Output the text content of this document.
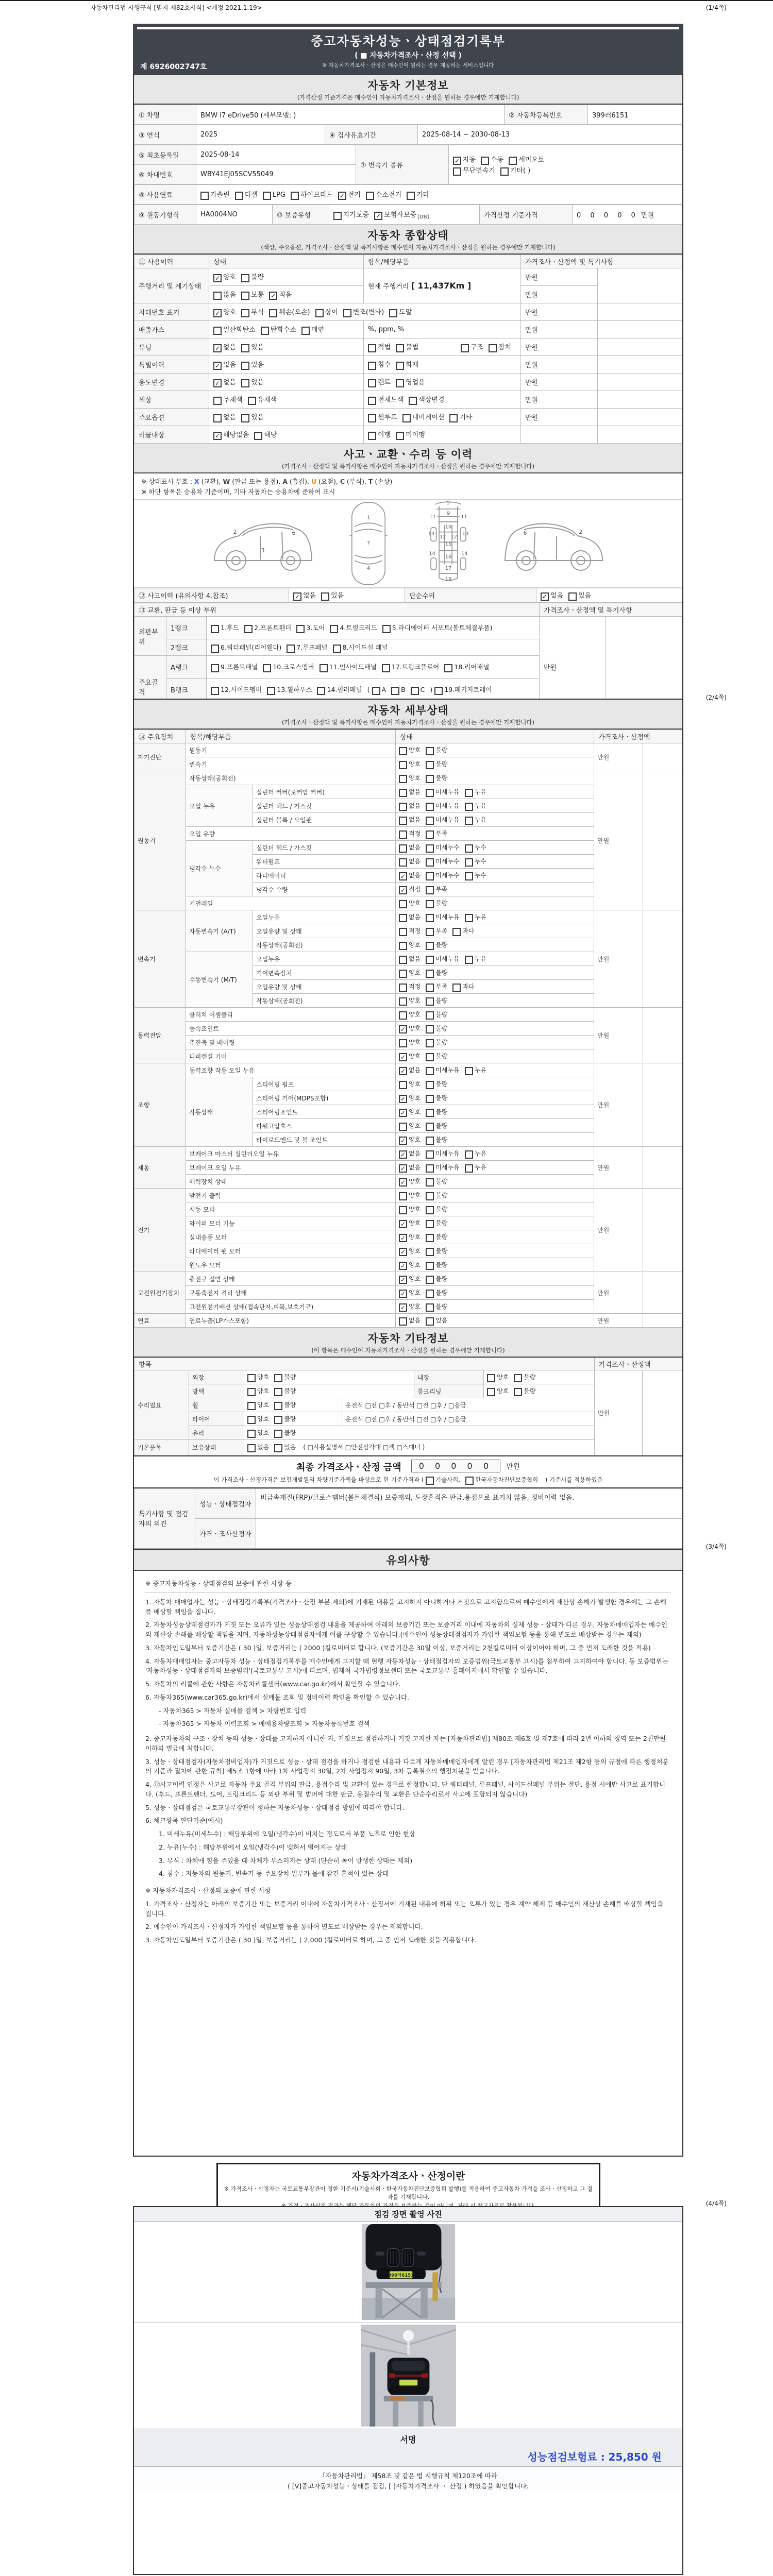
자동차관리법 시행규칙 [별지 제82호서식] <개정 2021.1.19>	(1/4쪽)
중고자동차성능ㆍ상태점검기록부
( ■ 자동차가격조사ㆍ산정 선택 )
※ 자동차가격조사ㆍ산정은 매수인이 원하는 경우 제공하는 서비스입니다
제 6926002747호
자동차 기본정보
(가격산정 기준가격은 매수인이 자동차가격조사ㆍ산정을 원하는 경우에만 기재합니다)
① 차명	BMW i7 eDrive50 (세부모델: )	② 자동차등록번호	399러6151
③ 연식	2025	④ 검사유효기간	2025-08-14 ~ 2030-08-13
⑤ 최초등록일	2025-08-14	⑦ 변속기 종류	✓ 자동 수동 세미오토
무단변속기 기타( )

⑥ 차대번호	WBY41EJ05SCV55049		
⑧ 사용연료	가솔린 디젤 LPG 하이브리드 ✓ 전기 수소전기 기타
⑨ 원동기형식	HA0004NO	⑩ 보증유형	자가보증 ✓ 보험사보증 $_{[DB]}$	가격산정 기준가격	0 0 0 0 0 만원
자동차 종합상태
(색상, 주요옵션, 가격조사ㆍ산정액 및 특기사항은 매수인이 자동차가격조사ㆍ산정을 원하는 경우에만 기재합니다)
⑪ 사용이력	상태	항목/해당부품	가격조사ㆍ산정액 및 특기사항	
주행거리 및 계기상태	✓ 양호 불량	현재 주행거리 [ 11,437Km ]	만원	
	많음 보통 ✓ 적음		만원	
차대번호 표기	✓ 양호 부식 훼손(오손) 상이 변조(변타) 도말		만원	
배출가스	일산화탄소 탄화수소 매연	%, ppm, %	만원	
튜닝	✓ 없음 있음	적법 불법 구조 장치	만원	
특별이력	✓ 없음 있음	침수 화재	만원	
용도변경	✓ 없음 있음	렌트 영업용	만원	
색상	무채색 유채색	전체도색 색상변경	만원	
주요옵션	없음 있음	썬루프 네비게이션 기타	만원	
리콜대상	✓ 해당없음 해당	이행 미이행		
사고ㆍ교환ㆍ수리 등 이력
(가격조사ㆍ산정액 및 특기사항은 매수인이 자동차가격조사ㆍ산정을 원하는 경우에만 기재합니다)
※ 상태표시 부호 : X (교환), W (판금 또는 용접), A (흠집), U (요철), C (부식), T (손상)
※ 하단 항목은 승용차 기준이며, 기타 자동차는 승용차에 준하여 표시
2
3
6
1
7
4
5
11
9
11
13
12 12
13
10
15
14	14
16
17
18
2
6
⑫ 사고이력 (유의사항 4.참조)	✓ 없음 있음	단순수리	✓ 없음 있음
⑬ 교환, 판금 등 이상 부위			가격조사ㆍ산정액 및 특기사항	
외판부위	1랭크	1.후드 2.프론트휀더 3.도어 4.트렁크리드 5.라디에이터 서포트(볼트체결부품)	만원	
	2랭크	6.쿼터패널(리어휀다) 7.루프패널 8.사이드실 패널		
주요골격	A랭크	9.프론트패널 10.크로스멤버 11.인사이드패널 17.트렁크플로어 18.리어패널		
	B랭크	12.사이드멤버 13.휠하우스 14.필러패널 ( A B C ) 19.패키지트레이		

(2/4쪽)
자동차 세부상태
(가격조사ㆍ산정액 및 특기사항은 매수인이 자동차가격조사ㆍ산정을 원하는 경우에만 기재합니다)
⑭ 주요장치	항목/해당부품		상태	가격조사ㆍ산정액	
자기진단	원동기		양호 불량	만원	
	변속기		양호 불량		
원동기	작동상태(공회전)		양호 불량	만원	
	오일 누유	실린더 커버(로커암 커버)	없음 미세누유 누유		
		실린더 헤드 / 가스킷	없음 미세누유 누유		
		실린더 블록 / 오일팬	없음 미세누유 누유		
	오일 유량		적정 부족		
	냉각수 누수	실린더 헤드 / 가스킷	없음 미세누수 누수		
		워터펌프	없음 미세누수 누수		
		라디에이터	✓ 없음 미세누수 누수		
		냉각수 수량	✓ 적정 부족		
	커먼레일		양호 불량		
변속기	자동변속기 (A/T)	오일누유	없음 미세누유 누유	만원	
		오일유량 및 상태	적정 부족 과다		
		작동상태(공회전)	양호 불량		
	수동변속기 (M/T)	오일누유	없음 미세누유 누유		
		기어변속장치	양호 불량		
		오일유량 및 상태	적정 부족 과다		
		작동상태(공회전)	양호 불량		
동력전달	클러치 어셈블리		양호 불량	만원	
	등속조인트		✓ 양호 불량		
	추진축 및 베어링		양호 불량		
	디퍼렌셜 기어		✓ 양호 불량		
조향	동력조향 작동 오일 누유		✓ 없음 미세누유 누유	만원	
	작동상태	스티어링 펌프	양호 불량		
		스티어링 기어(MDPS포함)	✓ 양호 불량		
		스티어링조인트	✓ 양호 불량		
		파워고압호스	양호 불량		
		타이로드엔드 및 볼 조인트	✓ 양호 불량		
제동	브레이크 마스터 실린더오일 누유		✓ 없음 미세누유 누유	만원	
	브레이크 오일 누유		✓ 없음 미세누유 누유		
	배력장치 상태		✓ 양호 불량		
전기	발전기 출력		양호 불량	만원	
	시동 모터		양호 불량		
	와이퍼 모터 기능		✓ 양호 불량		
	실내송풍 모터		✓ 양호 불량		
	라디에이터 팬 모터		✓ 양호 불량		
	윈도우 모터		✓ 양호 불량		
고전원전기장치	충전구 절연 상태		✓ 양호 불량	만원	
	구동축전지 격리 상태		✓ 양호 불량		
	고전원전기배선 상태(접속단자,피복,보호기구)		✓ 양호 불량		
연료	연료누출(LP가스포함)		없음 있음	만원	
자동차 기타정보
(이 항목은 매수인이 자동차가격조사ㆍ산정을 원하는 경우에만 기재합니다)
항목						가격조사ㆍ산정액	
수리필요	외장	양호 불량		내장	양호 불량	만원	
	광택	양호 불량		룸크리닝	양호 불량		
	휠	양호 불량	운전석 □전 □후 / 동반석 □전 □후 / □응급				
	타이어	양호 불량	운전석 □전 □후 / 동반석 □전 □후 / □응급				
	유리	양호 불량					
기본품목	보유상태	없음 있음 ( □사용설명서 □안전삼각대 □잭 □스패너 )					
최종 가격조사ㆍ산정 금액 0 0 0 0 0 만원
이 가격조사ㆍ산정가격은 보험개발원의 차량기준가액을 바탕으로 한 기준가격과 ( 기술사회,	한국자동차진단보증협회 ) 기준서를 적용하였음
특기사항 및 점검자의 의견	성능ㆍ상태점검자	비금속재질(FRP)/크로스멤버(볼트체결식) 보증제외, 도장흔적은 판금,용접으로 표기치 않음, 정비이력 없음.
	가격ㆍ조사산정자	
(3/4쪽)
유의사항
※ 중고자동차성능ㆍ상태점검의 보증에 관한 사항 등

1. 자동차 매매업자는 성능ㆍ상태점검기록부(가격조사ㆍ산정 부분 제외)에 기재된 내용을 고지하지 아니하거나 거짓으로 고지함으로써 매수인에게 재산상 손해가 발생한 경우에는 그 손해를 배상할 책임을 집니다.

2. 자동차성능상태점검자가 거짓 또는 오류가 있는 성능상태점검 내용을 제공하여 아래의 보증기간 또는 보증거리 이내에 자동차의 실제 성능ㆍ상태가 다른 경우, 자동차매매업자는 매수인의 재산상 손해를 배상할 책임을 지며, 자동차성능상태점검자에게 이를 구상할 수 있습니다.(매수인이 성능상태점검자가 가입한 책임보험 등을 통해 별도로 배상받는 경우는 제외)

3. 자동차인도일부터 보증기간은 ( 30 )일, 보증거리는 ( 2000 )킬로미터로 합니다. (보증기간은 30일 이상, 보증거리는 2천킬로미터 이상이어야 하며, 그 중 먼저 도래한 것을 적용)

4. 자동차매매업자는 중고자동차 성능ㆍ상태점검기록부를 매수인에게 고지할 때 현행 자동차성능ㆍ상태점검자의 보증범위(국토교통부 고시)를 첨부하여 고지하여야 합니다. 동 보증범위는 '자동차성능ㆍ상태점검자의 보증범위'(국토교통부 고시)에 따르며, 법제처 국가법령정보센터 또는 국토교통부 홈페이지에서 확인할 수 있습니다.

5. 자동차의 리콜에 관한 사항은 자동차리콜센터(www.car.go.kr)에서 확인할 수 있습니다.

6. 자동차365(www.car365.go.kr)에서 실매물 조회 및 정비이력 확인을 확인할 수 있습니다.

- 자동차365 > 자동차 실매물 검색 > 차량번호 입력

- 자동차365 > 자동차 이력조회 > 매매용차량조회 > 자동차등록번호 검색

2. 중고자동차의 구조ㆍ장치 등의 성능ㆍ상태를 고지하지 아니한 자, 거짓으로 점검하거나 거짓 고지한 자는 [자동차관리법] 제80조 제6호 및 제7호에 따라 2년 이하의 징역 또는 2천만원 이하의 벌금에 처합니다.

3. 성능ㆍ상태점검자(자동차정비업자)가 거짓으로 성능ㆍ상태 점검을 하거나 점검한 내용과 다르게 자동차매매업자에게 알린 경우 [자동차관리법 제21조 제2항 등의 규정에 따른 행정처분의 기준과 절차에 관한 규칙] 제5조 1항에 따라 1차 사업정지 30일, 2차 사업정지 90일, 3차 등록취소의 행정처분을 받습니다.

4. ⑫사고이력 인정은 사고로 자동차 주요 골격 부위의 판금, 용접수리 및 교환이 있는 경우로 한정합니다. 단 쿼터패널, 루프패널, 사이드실패널 부위는 절단, 용접 시에만 사고로 표기합니다. (후드, 프론트펜더, 도어, 트렁크리드 등 외판 부위 및 범퍼에 대한 판금, 용접수리 및 교환은 단순수리로서 사고에 포함되지 않습니다)

5. 성능ㆍ상태점검은 국토교통부장관이 정하는 자동차성능ㆍ상태점검 방법에 따라야 합니다.

6. 체크항목 판단기준(예시)

1. 미세누유(미세누수) : 해당부위에 오일(냉각수)이 비치는 정도로서 부품 노후로 인한 현상

2. 누유(누수) : 해당부위에서 오일(냉각수)이 맺혀서 떨어지는 상태

3. 부식 : 차체에 힘을 주었을 때 차체가 부스러지는 상태 (단순히 녹이 발생한 상태는 제외)

4. 침수 : 자동차의 원동기, 변속기 등 주요장치 일부가 물에 잠긴 흔적이 있는 상태

※ 자동차가격조사ㆍ산정의 보증에 관한 사항

1. 가격조사ㆍ산정자는 아래의 보증기간 또는 보증거리 이내에 자동차가격조사ㆍ산정서에 기재된 내용에 허위 또는 오류가 있는 경우 계약 해제 등 매수인의 재산상 손해를 배상할 책임을 집니다.

2. 매수인이 가격조사ㆍ산정자가 가입한 책임보험 등을 통하여 별도로 배상받는 경우는 제외합니다.

3. 자동차인도일부터 보증기간은 ( 30 )일, 보증거리는 ( 2,000 )킬로미터로 하며, 그 중 먼저 도래한 것을 적용합니다.

자동차가격조사ㆍ산정이란
※ 가격조사ㆍ산정자는 국토교통부장관이 정한 기준서(기술사회ㆍ한국자동차진단보증협회 발행)를 적용하여 중고자동차 가격을 조사ㆍ산정하고 그 결과를 기재합니다.
(4/4쪽)
점검 장면 촬영 사진
399러6151
서명
성능점검보험료 : 25,850 원
「자동차관리법」 제58조 및 같은 법 시행규칙 제120조에 따라
( [Ⅴ]중고자동차성능ㆍ상태를 점검, [ ]자동차가격조사 ㆍ 산정 ) 하였음을 확인합니다.
